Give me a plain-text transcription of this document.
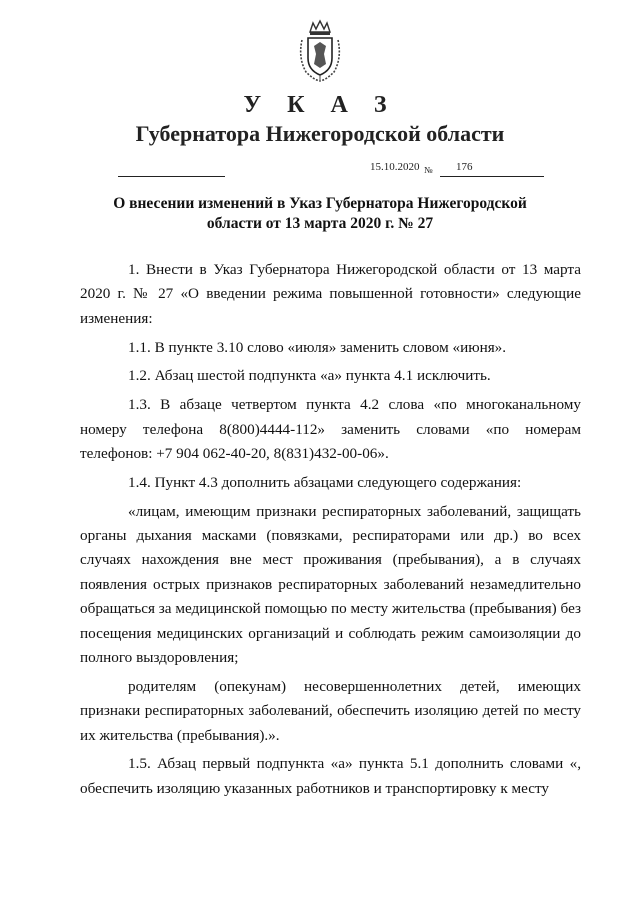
У К А З
Губернатора Нижегородской области
15.10.2020 № 176
О внесении изменений в Указ Губернатора Нижегородской области от 13 марта 2020 г. № 27

1. Внести в Указ Губернатора Нижегородской области от 13 марта 2020 г. № 27 «О введении режима повышенной готовности» следующие изменения:

1.1. В пункте 3.10 слово «июля» заменить словом «июня».

1.2. Абзац шестой подпункта «а» пункта 4.1 исключить.

1.3. В абзаце четвертом пункта 4.2 слова «по многоканальному номеру телефона 8(800)4444-112» заменить словами «по номерам телефонов: +7 904 062-40-20, 8(831)432-00-06».

1.4. Пункт 4.3 дополнить абзацами следующего содержания:

«лицам, имеющим признаки респираторных заболеваний, защищать органы дыхания масками (повязками, респираторами или др.) во всех случаях нахождения вне мест проживания (пребывания), а в случаях появления острых признаков респираторных заболеваний незамедлительно обращаться за медицинской помощью по месту жительства (пребывания) без посещения медицинских организаций и соблюдать режим самоизоляции до полного выздоровления;

родителям (опекунам) несовершеннолетних детей, имеющих признаки респираторных заболеваний, обеспечить изоляцию детей по месту их жительства (пребывания).».

1.5. Абзац первый подпункта «а» пункта 5.1 дополнить словами «, обеспечить изоляцию указанных работников и транспортировку к месту
